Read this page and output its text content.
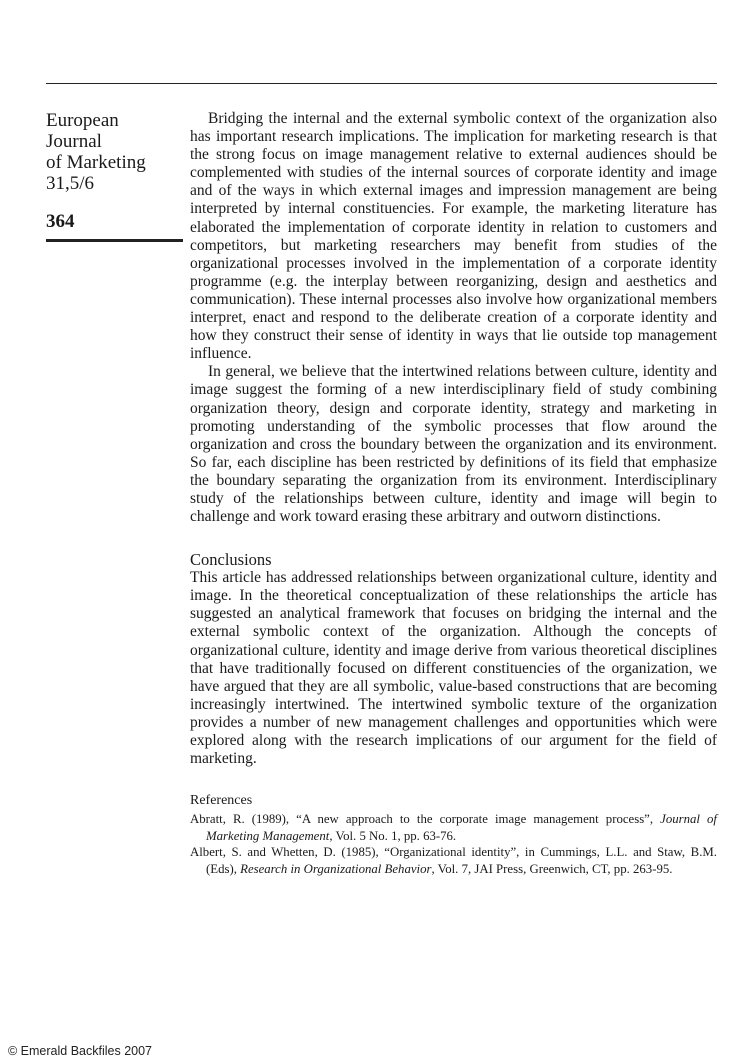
European
Journal
of Marketing
31,5/6
364

Bridging the internal and the external symbolic context of the organization also has important research implications. The implication for marketing research is that the strong focus on image management relative to external audiences should be complemented with studies of the internal sources of corporate identity and image and of the ways in which external images and impression management are being interpreted by internal constituencies. For example, the marketing literature has elaborated the implementation of corporate identity in relation to customers and competitors, but marketing researchers may benefit from studies of the organizational processes involved in the implementation of a corporate identity programme (e.g. the interplay between reorganizing, design and aesthetics and communication). These internal processes also involve how organizational members interpret, enact and respond to the deliberate creation of a corporate identity and how they construct their sense of identity in ways that lie outside top management influence.

In general, we believe that the intertwined relations between culture, identity and image suggest the forming of a new interdisciplinary field of study combining organization theory, design and corporate identity, strategy and marketing in promoting understanding of the symbolic processes that flow around the organization and cross the boundary between the organization and its environment. So far, each discipline has been restricted by definitions of its field that emphasize the boundary separating the organization from its environment. Interdisciplinary study of the relationships between culture, identity and image will begin to challenge and work toward erasing these arbitrary and outworn distinctions.

Conclusions

This article has addressed relationships between organizational culture, identity and image. In the theoretical conceptualization of these relationships the article has suggested an analytical framework that focuses on bridging the internal and the external symbolic context of the organization. Although the concepts of organizational culture, identity and image derive from various theoretical disciplines that have traditionally focused on different constituencies of the organization, we have argued that they are all symbolic, value-based constructions that are becoming increasingly intertwined. The intertwined symbolic texture of the organization provides a number of new management challenges and opportunities which were explored along with the research implications of our argument for the field of marketing.

References

Abratt, R. (1989), “A new approach to the corporate image management process”, Journal of Marketing Management, Vol. 5 No. 1, pp. 63-76.

Albert, S. and Whetten, D. (1985), “Organizational identity”, in Cummings, L.L. and Staw, B.M. (Eds), Research in Organizational Behavior, Vol. 7, JAI Press, Greenwich, CT, pp. 263-95.

© Emerald Backfiles 2007
